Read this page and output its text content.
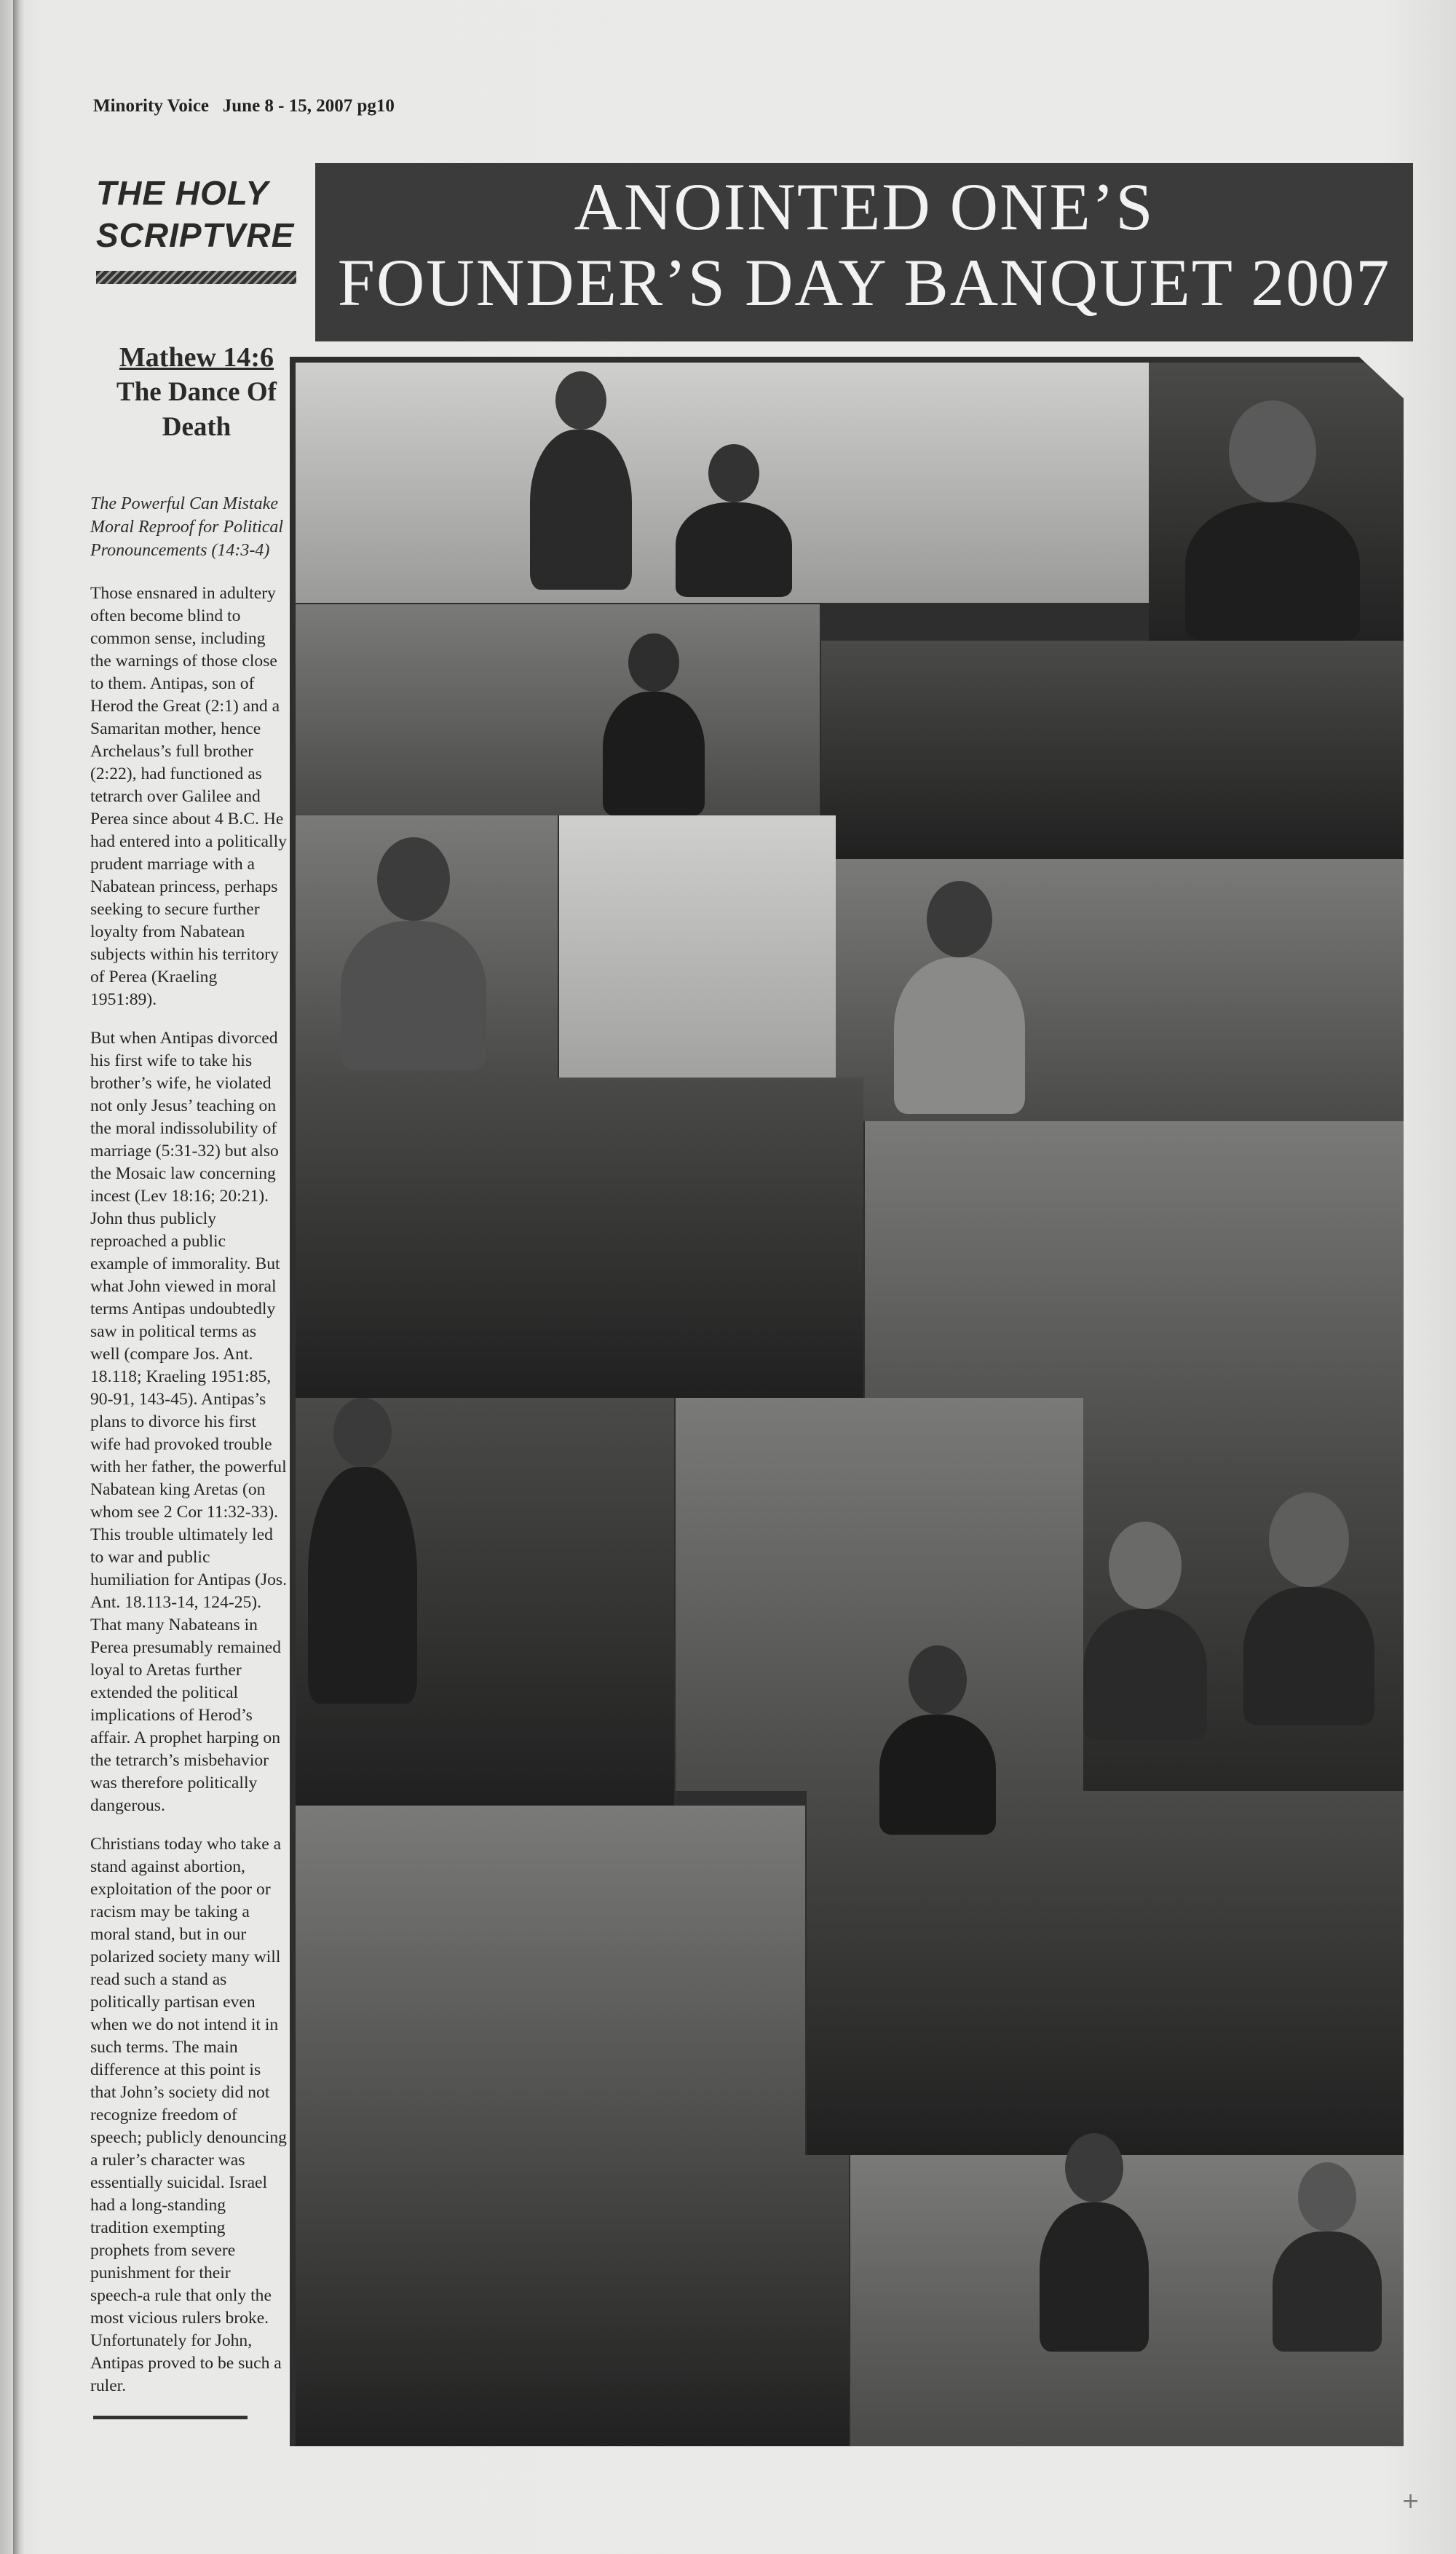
Minority Voice June 8 - 15, 2007 pg10
THE HOLY
SCRIPTVRE	ANOINTED ONE’S
FOUNDER’S DAY BANQUET 2007
Mathew 14:6
The Dance Of
Death
The Powerful Can Mistake Moral Reproof for Political Pronouncements (14:3-4)

Those ensnared in adultery often become blind to common sense, including the warnings of those close to them. Antipas, son of Herod the Great (2:1) and a Samaritan mother, hence Archelaus’s full brother (2:22), had functioned as tetrarch over Galilee and Perea since about 4 B.C. He had entered into a politically prudent marriage with a Nabatean princess, perhaps seeking to secure further loyalty from Nabatean subjects within his territory of Perea (Kraeling 1951:89).

But when Antipas divorced his first wife to take his brother’s wife, he violated not only Jesus’ teaching on the moral indissolubility of marriage (5:31-32) but also the Mosaic law concerning incest (Lev 18:16; 20:21). John thus publicly reproached a public example of immorality. But what John viewed in moral terms Antipas undoubtedly saw in political terms as well (compare Jos. Ant. 18.118; Kraeling 1951:85, 90-91, 143-45). Antipas’s plans to divorce his first wife had provoked trouble with her father, the powerful Nabatean king Aretas (on whom see 2 Cor 11:32-33). This trouble ultimately led to war and public humiliation for Antipas (Jos. Ant. 18.113-14, 124-25). That many Nabateans in Perea presumably remained loyal to Aretas further extended the political implications of Herod’s affair. A prophet harping on the tetrarch’s misbehavior was therefore politically dangerous.

Christians today who take a stand against abortion, exploitation of the poor or racism may be taking a moral stand, but in our polarized society many will read such a stand as politically partisan even when we do not intend it in such terms. The main difference at this point is that John’s society did not recognize freedom of speech; publicly denouncing a ruler’s character was essentially suicidal. Israel had a long-standing tradition exempting prophets from severe punishment for their speech-a rule that only the most vicious rulers broke. Unfortunately for John, Antipas proved to be such a ruler.

+
